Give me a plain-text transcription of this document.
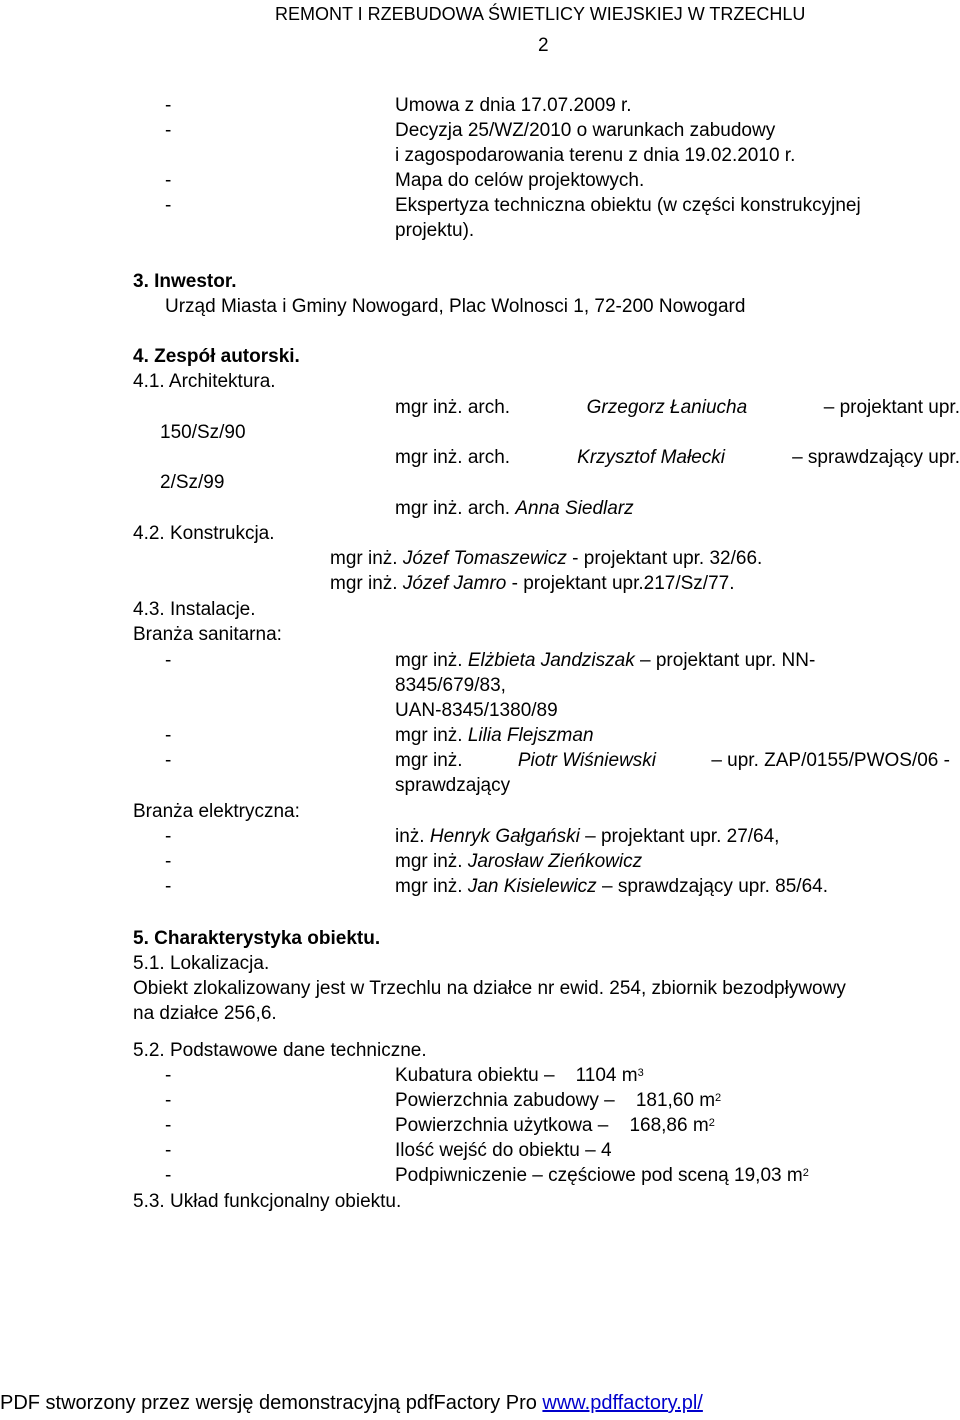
REMONT I RZEBUDOWA ŚWIETLICY WIEJSKIEJ W TRZECHLU
2
-	Umowa z dnia 17.07.2009 r.
-	Decyzja 25/WZ/2010 o warunkach zabudowy
i zagospodarowania terenu z dnia 19.02.2010 r.
-	Mapa do celów projektowych.
-	Ekspertyza techniczna obiektu (w części konstrukcyjnej
projektu).
3. Inwestor.
Urząd Miasta i Gminy Nowogard, Plac Wolnosci 1, 72-200 Nowogard
4. Zespół autorski.
4.1. Architektura.
mgr inż. arch.	Grzegorz Łaniucha	– projektant upr.
150/Sz/90
mgr inż. arch.	Krzysztof Małecki	– sprawdzający upr.
2/Sz/99
mgr inż. arch. Anna Siedlarz
4.2. Konstrukcja.
mgr inż. Józef Tomaszewicz - projektant upr. 32/66.
mgr inż. Józef Jamro - projektant upr.217/Sz/77.
4.3. Instalacje.
Branża sanitarna:
-	mgr inż. Elżbieta Jandziszak – projektant upr. NN-
8345/679/83,
UAN-8345/1380/89
-	mgr inż. Lilia Flejszman
-	mgr inż.	Piotr Wiśniewski	– upr. ZAP/0155/PWOS/06 -
sprawdzający
Branża elektryczna:
-	inż. Henryk Gałgański – projektant upr. 27/64,
-	mgr inż. Jarosław Zieńkowicz
-	mgr inż. Jan Kisielewicz – sprawdzający upr. 85/64.
5. Charakterystyka obiektu.
5.1. Lokalizacja.
Obiekt zlokalizowany jest w Trzechlu na działce nr ewid. 254, zbiornik bezodpływowy
na działce 256,6.
5.2. Podstawowe dane techniczne.
-	Kubatura obiektu – 1104 $m^3$
-	Powierzchnia zabudowy – 181,60 $m^2$
-	Powierzchnia użytkowa – 168,86 $m^2$
-	Ilość wejść do obiektu – 4
-	Podpiwniczenie – częściowe pod sceną 19,03 $m^2$
5.3. Układ funkcjonalny obiektu.
PDF stworzony przez wersję demonstracyjną pdfFactory Pro www.pdffactory.pl/
